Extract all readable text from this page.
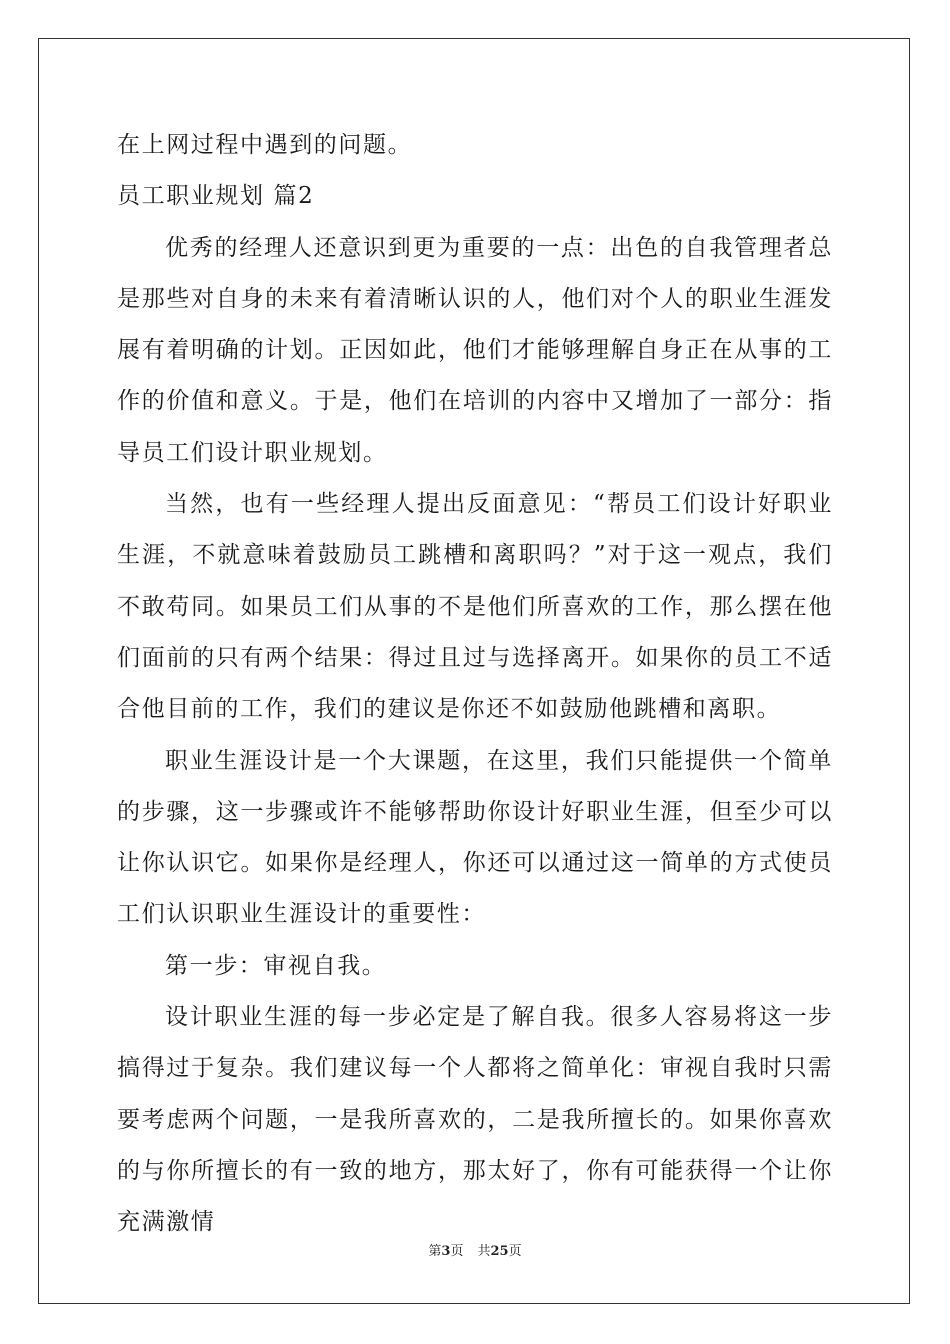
在上网过程中遇到的问题。

员工职业规划 篇2

优秀的经理人还意识到更为重要的一点：出色的自我管理者总是那些对自身的未来有着清晰认识的人，他们对个人的职业生涯发展有着明确的计划。正因如此，他们才能够理解自身正在从事的工作的价值和意义。于是，他们在培训的内容中又增加了一部分：指导员工们设计职业规划。

当然，也有一些经理人提出反面意见：“帮员工们设计好职业生涯，不就意味着鼓励员工跳槽和离职吗？”对于这一观点，我们不敢苟同。如果员工们从事的不是他们所喜欢的工作，那么摆在他们面前的只有两个结果：得过且过与选择离开。如果你的员工不适合他目前的工作，我们的建议是你还不如鼓励他跳槽和离职。

职业生涯设计是一个大课题，在这里，我们只能提供一个简单的步骤，这一步骤或许不能够帮助你设计好职业生涯，但至少可以让你认识它。如果你是经理人，你还可以通过这一简单的方式使员工们认识职业生涯设计的重要性：

第一步：审视自我。

设计职业生涯的每一步必定是了解自我。很多人容易将这一步搞得过于复杂。我们建议每一个人都将之简单化：审视自我时只需要考虑两个问题，一是我所喜欢的，二是我所擅长的。如果你喜欢的与你所擅长的有一致的地方，那太好了，你有可能获得一个让你充满激情

第3页 共25页
